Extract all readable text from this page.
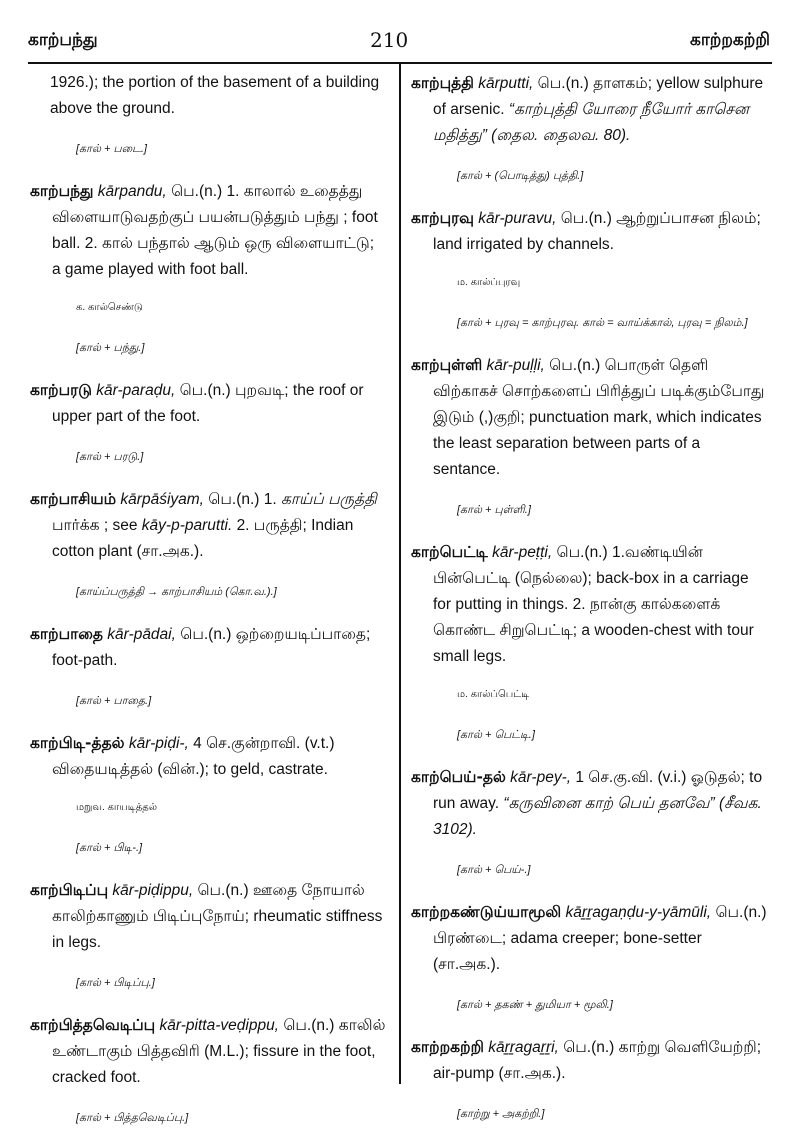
காற்பந்து	210	காற்றகற்றி

1926.); the portion of the basement of a building above the ground.

[கால் + படை.]

காற்பந்து kārpandu, பெ.(n.) 1. காலால் உதைத்து விளையாடுவதற்குப் பயன்படுத்தும் பந்து ; foot ball. 2. கால் பந்தால் ஆடும் ஒரு விளையாட்டு; a game played with foot ball.

க. கால்செண்டு
[கால் + பந்து.]

காற்பரடு kār-paraḍu, பெ.(n.) புறவடி; the roof or upper part of the foot.

[கால் + பரடு.]

காற்பாசியம் kārpāśiyam, பெ.(n.) 1. காய்ப் பருத்தி பார்க்க ; see kāy-p-parutti. 2. பருத்தி; Indian cotton plant (சா.அக.).

[காய்ப்பருத்தி → காற்பாசியம் (கொ.வ.).]

காற்பாதை kār-pādai, பெ.(n.) ஒற்றையடிப்பாதை; foot-path.

[கால் + பாதை.]

காற்பிடி-த்தல் kār-piḍi-, 4 செ.குன்றாவி. (v.t.) விதையடித்தல் (வின்.); to geld, castrate.

மறுவ. காயடித்தல்
[கால் + பிடி-.]

காற்பிடிப்பு kār-piḍippu, பெ.(n.) ஊதை நோயால் காலிற்காணும் பிடிப்புநோய்; rheumatic stiffness in legs.

[கால் + பிடிப்பு.]

காற்பித்தவெடிப்பு kār-pitta-veḍippu, பெ.(n.) காலில் உண்டாகும் பித்தவிரி (M.L.); fissure in the foot, cracked foot.

[கால் + பித்தவெடிப்பு.]

காற்புத்தி kārputti, பெ.(n.) தாளகம்; yellow sulphure of arsenic. “காற்புத்தி யோரை நீயோர் காசென மதித்து” (தைல. தைலவ. 80).

[கால் + (பொடித்து) புத்தி.]

காற்புரவு kār-puravu, பெ.(n.) ஆற்றுப்பாசன நிலம்; land irrigated by channels.

ம. கால்ப்புரவு
[கால் + புரவு = காற்புரவு. கால் = வாய்க்கால், புரவு = நிலம்.]

காற்புள்ளி kār-puḷḷi, பெ.(n.) பொருள் தெளி விற்காகச் சொற்களைப் பிரித்துப் படிக்கும்போது இடும் (,)குறி; punctuation mark, which indicates the least separation between parts of a sentance.

[கால் + புள்ளி.]

காற்பெட்டி kār-peṭṭi, பெ.(n.) 1.வண்டியின் பின்பெட்டி (நெல்லை); back-box in a carriage for putting in things. 2. நான்கு கால்களைக் கொண்ட சிறுபெட்டி; a wooden-chest with tour small legs.

ம. கால்ப்பெட்டி
[கால் + பெட்டி.]

காற்பெய்-தல் kār-pey-, 1 செ.கு.வி. (v.i.) ஓடுதல்; to run away. “கருவினை காற் பெய் தனவே” (சீவக. 3102).

[கால் + பெய்-.]

காற்றகண்டுய்யாமூலி kāṟṟagaṇḍu-y-yāmūli, பெ.(n.) பிரண்டை; adama creeper; bone-setter (சா.அக.).

[கால் + தகண் + துமியா + மூலி.]

காற்றகற்றி kāṟṟagaṟṟi, பெ.(n.) காற்று வெளியேற்றி; air-pump (சா.அக.).

[காற்று + அகற்றி.]
